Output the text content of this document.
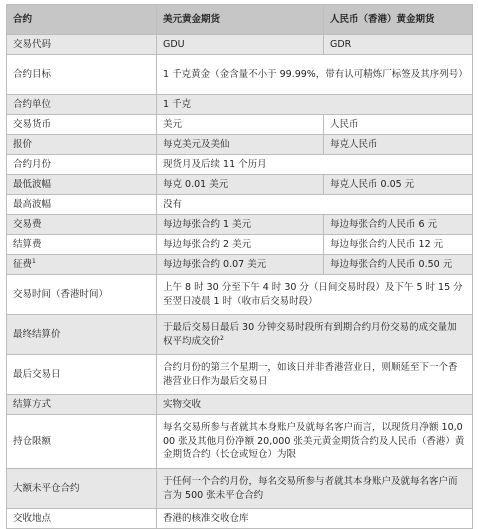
合约	美元黄金期货	人民币（香港）黄金期货
交易代码	GDU	GDR
合约目标	1 千克黄金（金含量不小于 99.99%，带有认可精炼厂标签及其序列号）	
合约单位	1 千克	
交易货币	美元	人民币
报价	每克美元及美仙	每克人民币
合约月份	现货月及后续 11 个历月	
最低波幅	每克 0.01 美元	每克人民币 0.05 元
最高波幅	没有	
交易费	每边每张合约 1 美元	每边每张合约人民币 6 元
结算费	每边每张合约 2 美元	每边每张合约人民币 12 元
征费$^1$	每边每张合约 0.07 美元	每边每张合约人民币 0.50 元
交易时间（香港时间）	上午 8 时 30 分至下午 4 时 30 分（日间交易时段）及下午 5 时 15 分至翌日凌晨 1 时（收市后交易时段）	
最终结算价	于最后交易日最后 30 分钟交易时段所有到期合约月份交易的成交量加权平均成交价$^2$
最后交易日	合约月份的第三个星期一，如该日并非香港营业日，则顺延至下一个香港营业日作为最后交易日	
结算方式	实物交收	
持仓限额	每名交易所参与者就其本身账户及就每名客户而言，以现货月净额 10,000 张及其他月份净额 20,000 张美元黄金期货合约及人民币（香港）黄金期货合约（长仓或短仓）为限	
大额未平仓合约	于任何一个合约月份，每名交易所参与者就其本身账户及就每名客户而言为 500 张未平仓合约	
交收地点	香港的核准交收仓库	
